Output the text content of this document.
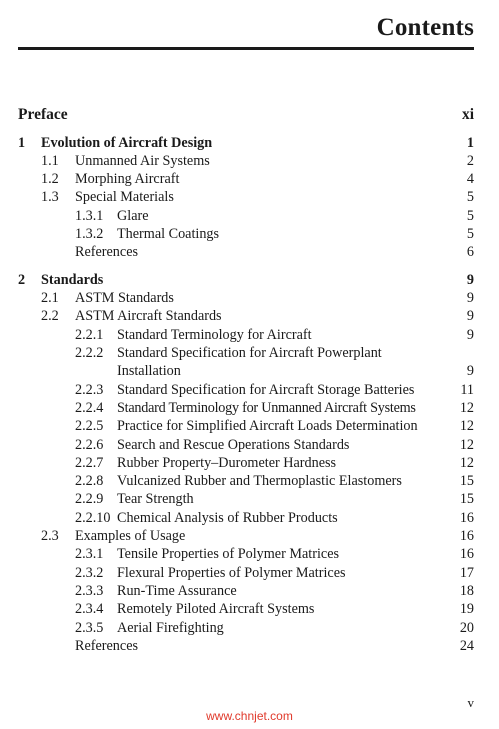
Contents
Preface	xi
1 Evolution of Aircraft Design	1
1.1 Unmanned Air Systems	2
1.2 Morphing Aircraft	4
1.3 Special Materials	5
1.3.1 Glare	5
1.3.2 Thermal Coatings	5
References	6
2 Standards	9
2.1 ASTM Standards	9
2.2 ASTM Aircraft Standards	9
2.2.1 Standard Terminology for Aircraft	9
2.2.2 Standard Specification for Aircraft Powerplant
Installation	9
2.2.3 Standard Specification for Aircraft Storage Batteries	11
2.2.4 Standard Terminology for Unmanned Aircraft Systems	12
2.2.5 Practice for Simplified Aircraft Loads Determination	12
2.2.6 Search and Rescue Operations Standards	12
2.2.7 Rubber Property–Durometer Hardness	12
2.2.8 Vulcanized Rubber and Thermoplastic Elastomers	15
2.2.9 Tear Strength	15
2.2.10 Chemical Analysis of Rubber Products	16
2.3 Examples of Usage	16
2.3.1 Tensile Properties of Polymer Matrices	16
2.3.2 Flexural Properties of Polymer Matrices	17
2.3.3 Run-Time Assurance	18
2.3.4 Remotely Piloted Aircraft Systems	19
2.3.5 Aerial Firefighting	20
References	24
v
www.chnjet.com
